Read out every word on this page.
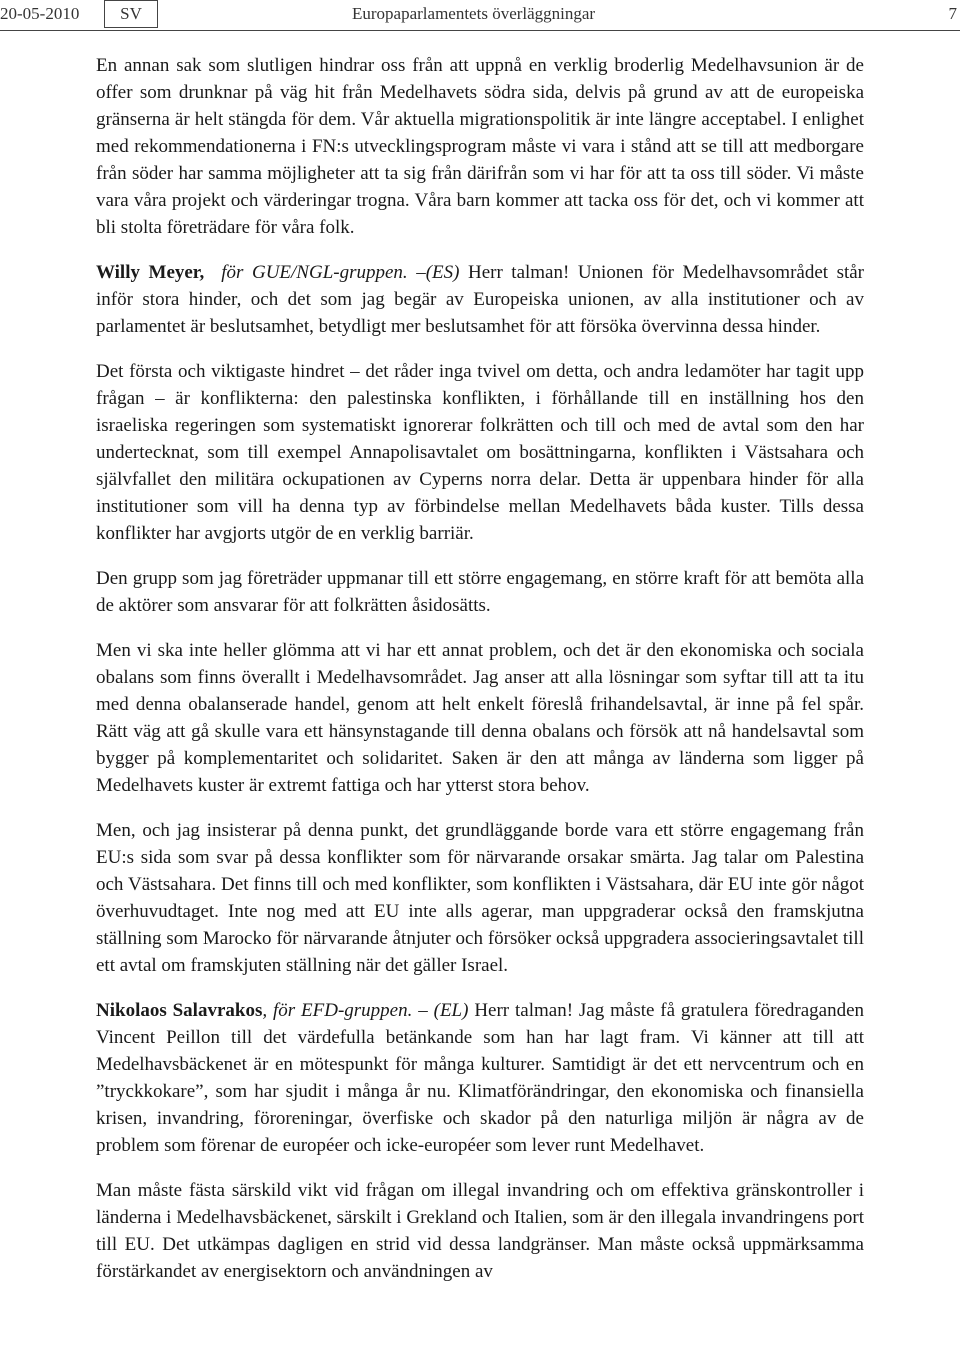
20-05-2010	SV	Europaparlamentets överläggningar	7

En annan sak som slutligen hindrar oss från att uppnå en verklig broderlig Medelhavsunion är de offer som drunknar på väg hit från Medelhavets södra sida, delvis på grund av att de europeiska gränserna är helt stängda för dem. Vår aktuella migrationspolitik är inte längre acceptabel. I enlighet med rekommendationerna i FN:s utvecklingsprogram måste vi vara i stånd att se till att medborgare från söder har samma möjligheter att ta sig från därifrån som vi har för att ta oss till söder. Vi måste vara våra projekt och värderingar trogna. Våra barn kommer att tacka oss för det, och vi kommer att bli stolta företrädare för våra folk.

Willy Meyer, för GUE/NGL-gruppen. –(ES) Herr talman! Unionen för Medelhavsområdet står inför stora hinder, och det som jag begär av Europeiska unionen, av alla institutioner och av parlamentet är beslutsamhet, betydligt mer beslutsamhet för att försöka övervinna dessa hinder.

Det första och viktigaste hindret – det råder inga tvivel om detta, och andra ledamöter har tagit upp frågan – är konflikterna: den palestinska konflikten, i förhållande till en inställning hos den israeliska regeringen som systematiskt ignorerar folkrätten och till och med de avtal som den har undertecknat, som till exempel Annapolisavtalet om bosättningarna, konflikten i Västsahara och självfallet den militära ockupationen av Cyperns norra delar. Detta är uppenbara hinder för alla institutioner som vill ha denna typ av förbindelse mellan Medelhavets båda kuster. Tills dessa konflikter har avgjorts utgör de en verklig barriär.

Den grupp som jag företräder uppmanar till ett större engagemang, en större kraft för att bemöta alla de aktörer som ansvarar för att folkrätten åsidosätts.

Men vi ska inte heller glömma att vi har ett annat problem, och det är den ekonomiska och sociala obalans som finns överallt i Medelhavsområdet. Jag anser att alla lösningar som syftar till att ta itu med denna obalanserade handel, genom att helt enkelt föreslå frihandelsavtal, är inne på fel spår. Rätt väg att gå skulle vara ett hänsynstagande till denna obalans och försök att nå handelsavtal som bygger på komplementaritet och solidaritet. Saken är den att många av länderna som ligger på Medelhavets kuster är extremt fattiga och har ytterst stora behov.

Men, och jag insisterar på denna punkt, det grundläggande borde vara ett större engagemang från EU:s sida som svar på dessa konflikter som för närvarande orsakar smärta. Jag talar om Palestina och Västsahara. Det finns till och med konflikter, som konflikten i Västsahara, där EU inte gör något överhuvudtaget. Inte nog med att EU inte alls agerar, man uppgraderar också den framskjutna ställning som Marocko för närvarande åtnjuter och försöker också uppgradera associeringsavtalet till ett avtal om framskjuten ställning när det gäller Israel.

Nikolaos Salavrakos, för EFD-gruppen. – (EL) Herr talman! Jag måste få gratulera föredraganden Vincent Peillon till det värdefulla betänkande som han har lagt fram. Vi känner att till att Medelhavsbäckenet är en mötespunkt för många kulturer. Samtidigt är det ett nervcentrum och en ”tryckkokare”, som har sjudit i många år nu. Klimatförändringar, den ekonomiska och finansiella krisen, invandring, föroreningar, överfiske och skador på den naturliga miljön är några av de problem som förenar de européer och icke-européer som lever runt Medelhavet.

Man måste fästa särskild vikt vid frågan om illegal invandring och om effektiva gränskontroller i länderna i Medelhavsbäckenet, särskilt i Grekland och Italien, som är den illegala invandringens port till EU. Det utkämpas dagligen en strid vid dessa landgränser. Man måste också uppmärksamma förstärkandet av energisektorn och användningen av
